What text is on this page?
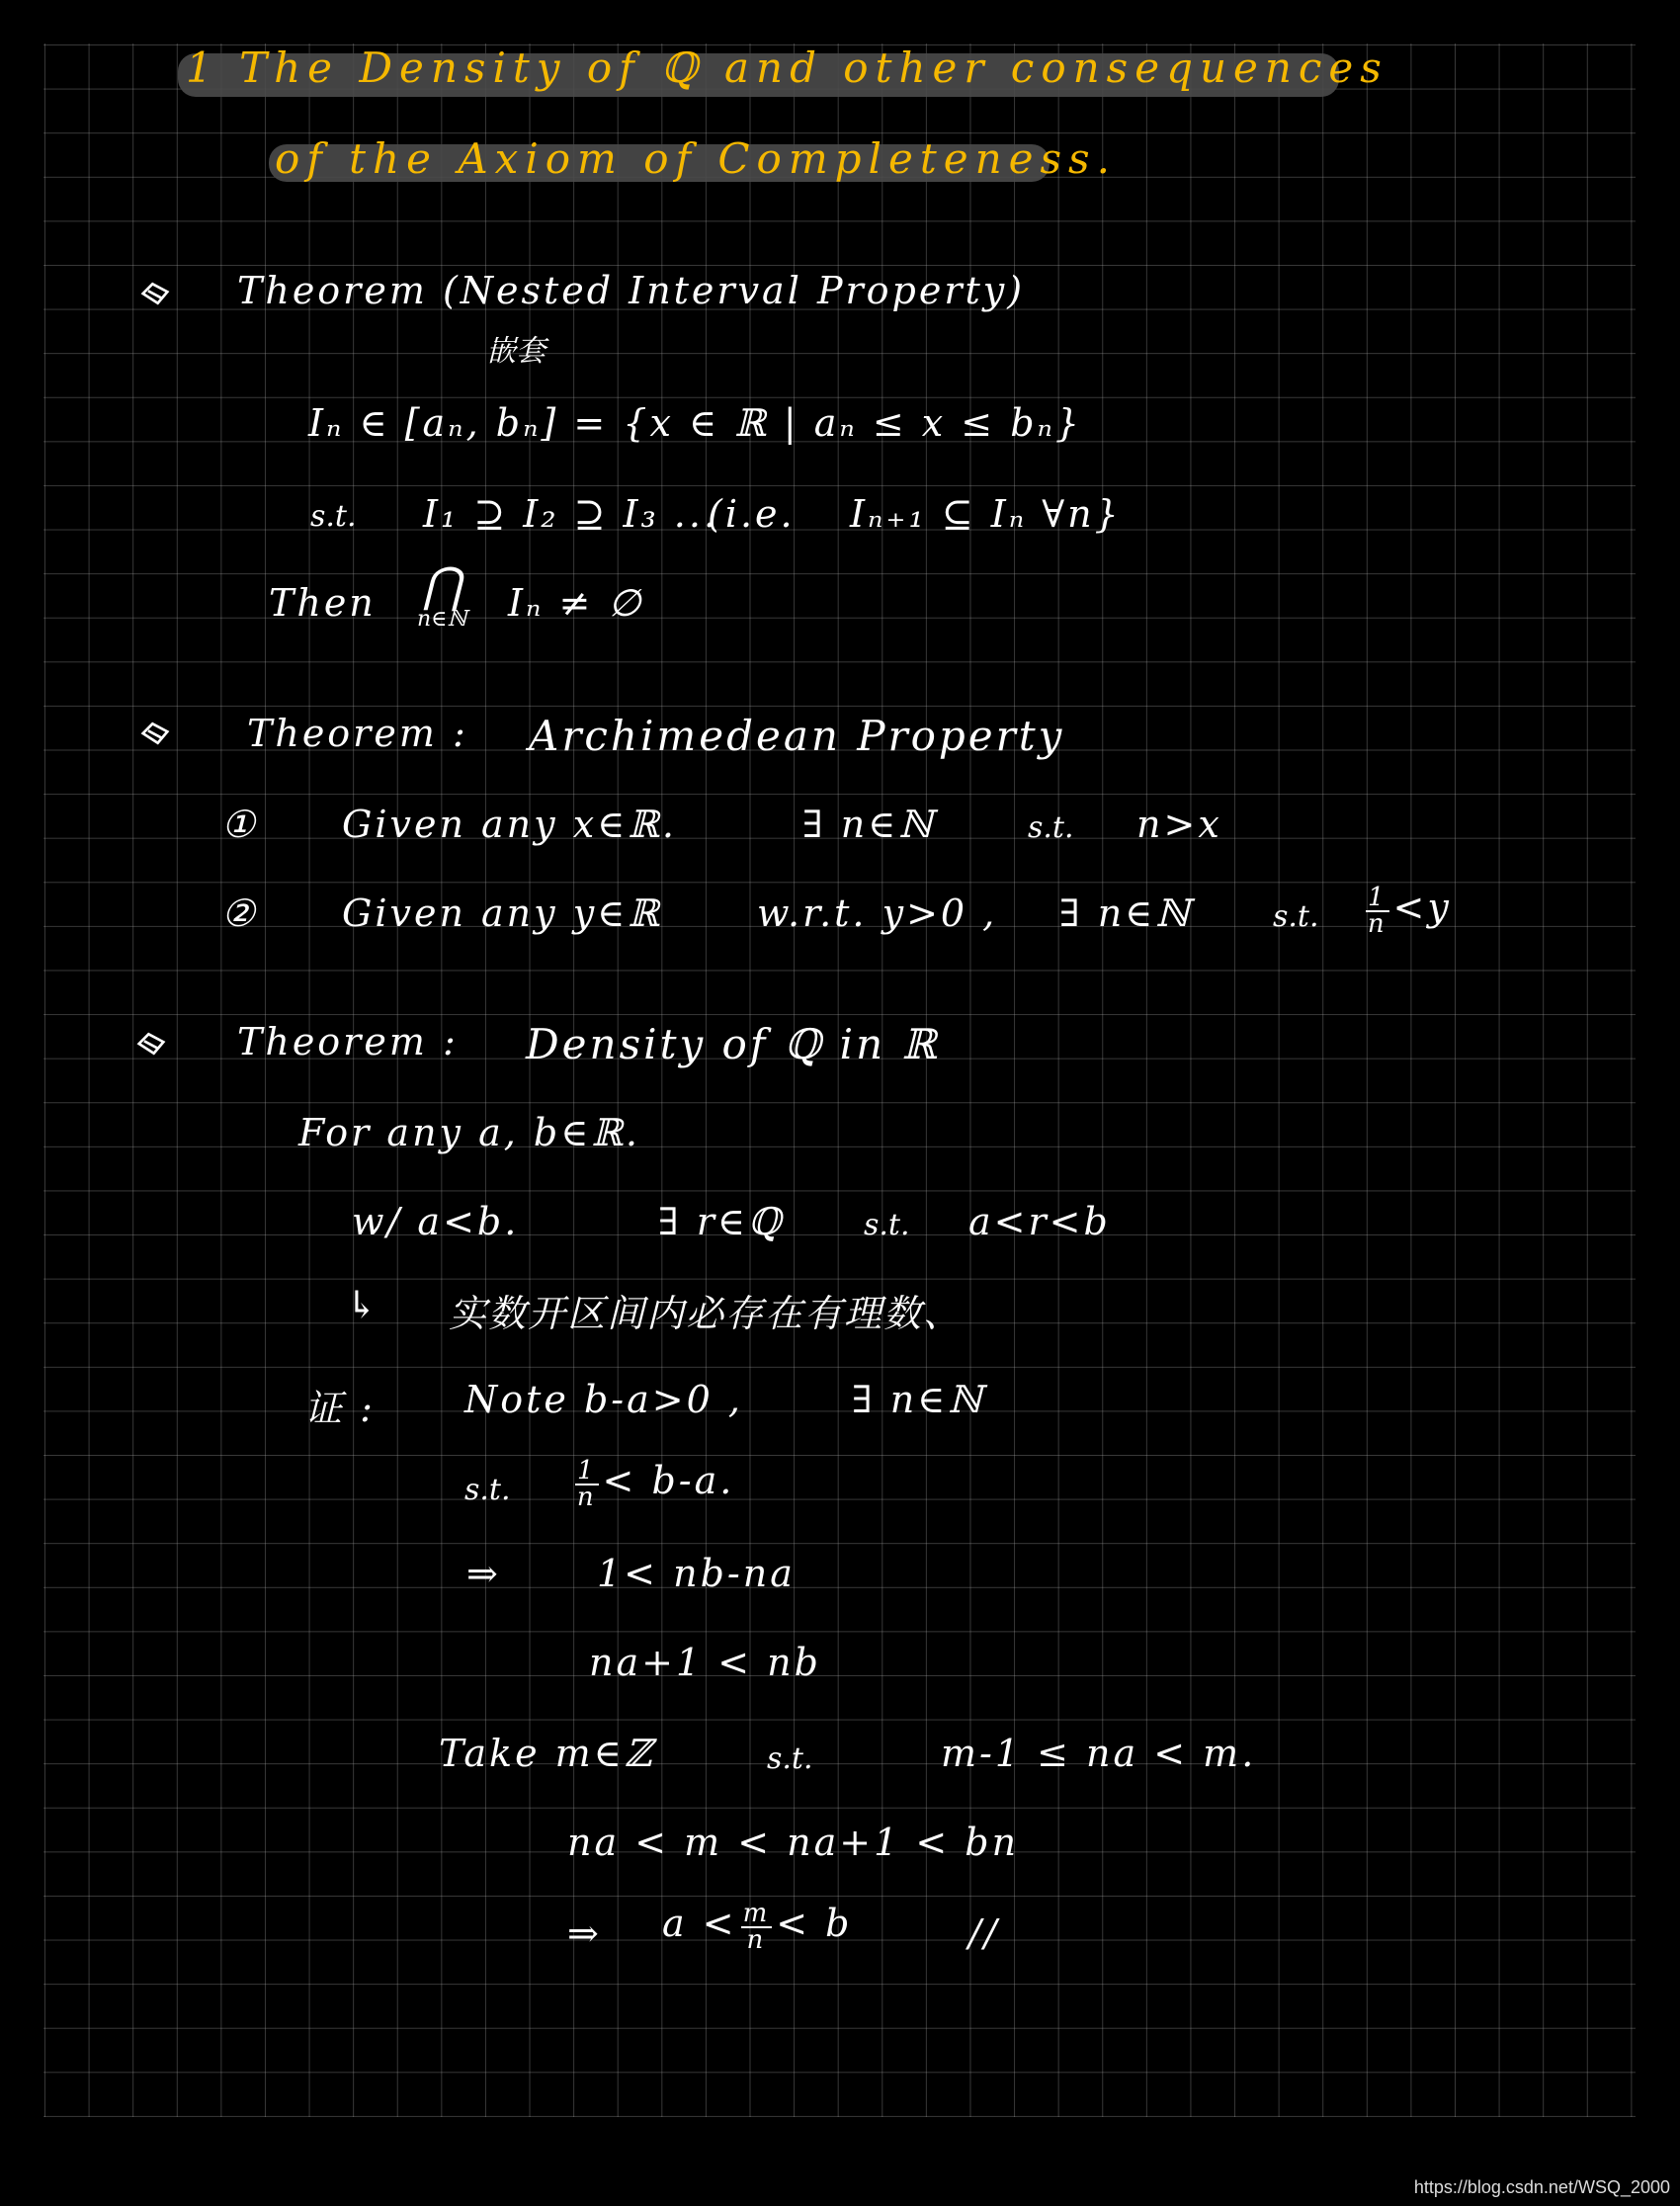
1 The Density of ℚ and other consequences
of the Axiom of Completeness.
Theorem (Nested Interval Property)
嵌套
Iₙ ∈ [aₙ, bₙ] = {x ∈ ℝ | aₙ ≤ x ≤ bₙ}
s.t. I₁ ⊇ I₂ ⊇ I₃ ...
(i.e. Iₙ₊₁ ⊆ Iₙ ∀n}
Then ⋂
n∈ℕ Iₙ ≠ ∅
Theorem : Archimedean Property
① Given any x∈ℝ.	∃ n∈ℕ	s.t. n>x
② Given any y∈ℝ	w.r.t. y>0 , ∃ n∈ℕ	s.t. $\frac{1}{n} <y$
Theorem : Density of ℚ in ℝ
For any a, b∈ℝ.
w/ a<b.	∃ r∈ℚ	s.t. a<r<b
↳ 实数开区间内必存在有理数、
证 : Note b-a>0 ,	∃ n∈ℕ
s.t.	$\frac{1}{n} < b-a$.
⇒	1< nb-na
na+1 < nb
Take m∈ℤ	s.t.	m-1 ≤ na < m.
na < m < na+1 < bn
⇒ $a < \frac{m}{n} < b$	//
https://blog.csdn.net/WSQ_2000
